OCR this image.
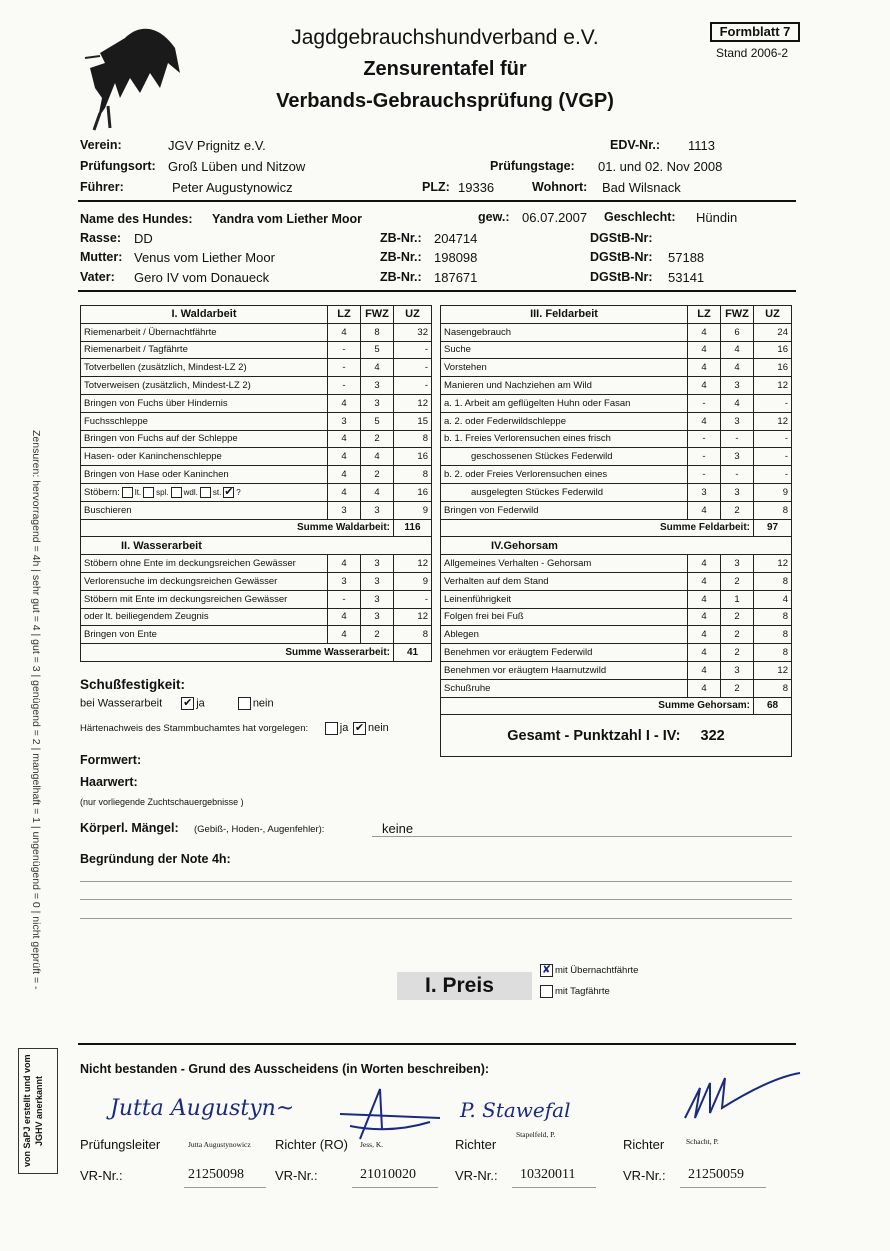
Jagdgebrauchshundverband e.V.
Zensurentafel für
Verbands-Gebrauchsprüfung (VGP)
Formblatt 7
Stand 2006-2
Verein:	JGV Prignitz e.V.	EDV-Nr.: 1113
Prüfungsort: Groß Lüben und Nitzow	Prüfungstage: 01. und 02. Nov 2008
Führer:	Peter Augustynowicz	PLZ: 19336	Wohnort: Bad Wilsnack
Name des Hundes: Yandra vom Liether Moor	gew.: 06.07.2007 Geschlecht: Hündin
Rasse: DD	ZB-Nr.: 204714	DGStB-Nr:
Mutter: Venus vom Liether Moor	ZB-Nr.: 198098	DGStB-Nr: 57188
Vater: Gero IV vom Donaueck	ZB-Nr.: 187671	DGStB-Nr: 53141
I. Waldarbeit	LZ	FWZ	UZ
Riemenarbeit / Übernachtfährte	4	8	32
Riemenarbeit / Tagfährte	-	5	-
Totverbellen (zusätzlich, Mindest-LZ 2)	-	4	-
Totverweisen (zusätzlich, Mindest-LZ 2)	-	3	-
Bringen von Fuchs über Hindernis	4	3	12
Fuchsschleppe	3	5	15
Bringen von Fuchs auf der Schleppe	4	2	8
Hasen- oder Kaninchenschleppe	4	4	16
Bringen von Hase oder Kaninchen	4	2	8
Stöbern: lt. spl. wdl. st. ✔ ?	4	4	16
Buschieren	3	3	9
Summe Waldarbeit:			116
II. Wasserarbeit			
Stöbern ohne Ente im deckungsreichen Gewässer	4	3	12
Verlorensuche im deckungsreichen Gewässer	3	3	9
Stöbern mit Ente im deckungsreichen Gewässer	-	3	-
oder lt. beiliegendem Zeugnis	4	3	12
Bringen von Ente	4	2	8
Summe Wasserarbeit:			41
III. Feldarbeit	LZ	FWZ	UZ
Nasengebrauch	4	6	24
Suche	4	4	16
Vorstehen	4	4	16
Manieren und Nachziehen am Wild	4	3	12
a. 1. Arbeit am geflügelten Huhn oder Fasan	-	4	-
a. 2. oder Federwildschleppe	4	3	12
b. 1. Freies Verlorensuchen eines frisch	-	-	-
geschossenen Stückes Federwild	-	3	-
b. 2. oder Freies Verlorensuchen eines	-	-	-
ausgelegten Stückes Federwild	3	3	9
Bringen von Federwild	4	2	8
Summe Feldarbeit:			97
IV.Gehorsam			
Allgemeines Verhalten - Gehorsam	4	3	12
Verhalten auf dem Stand	4	2	8
Leinenführigkeit	4	1	4
Folgen frei bei Fuß	4	2	8
Ablegen	4	2	8
Benehmen vor eräugtem Federwild	4	2	8
Benehmen vor eräugtem Haarnutzwild	4	3	12
Schußruhe	4	2	8
Summe Gehorsam:			68
Gesamt - Punktzahl I - IV: 322			
Schußfestigkeit:
bei Wasserarbeit ✔ ja	nein
Härtenachweis des Stammbuchamtes hat vorgelegen:	ja ✔ nein
Formwert:
Haarwert:
(nur vorliegende Zuchtschauergebnisse )
Körperl. Mängel: (Gebiß-, Hoden-, Augenfehler):	keine
Begründung der Note 4h:
I. Preis
✘ mit Übernachtfährte
mit Tagfährte
Nicht bestanden - Grund des Ausscheidens (in Worten beschreiben):
Jutta Augustyn~	P. Stawefal
Prüfungsleiter	Jutta Augustynowicz Richter (RO) Jess, K.	Richter
Stapelfeld, P.
Richter	Schacht, P.
VR-Nr.:	21250098 VR-Nr.:	21010020	VR-Nr.: 10320011	VR-Nr.: 21250059
Zensuren: hervorragend = 4h | sehr gut = 4 | gut = 3 | genügend = 2 | mangelhaft = 1 | ungenügend = 0 | nicht geprüft = -
von SaPJ erstellt und vom JGHV anerkannt
